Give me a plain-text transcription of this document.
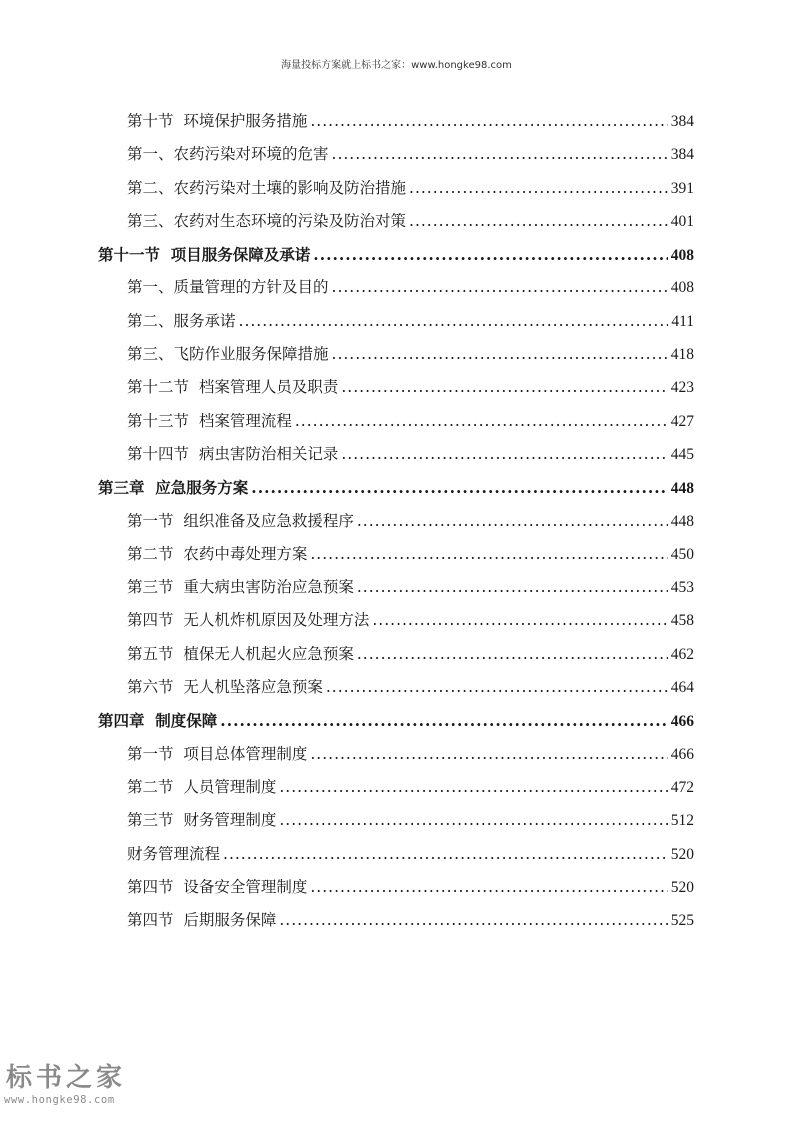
海量投标方案就上标书之家：www.hongke98.com
第十节  环境保护服务措施 .....	384
第一、农药污染对环境的危害 .....	384
第二、农药污染对土壤的影响及防治措施 .....	391
第三、农药对生态环境的污染及防治对策 .....	401
第十一节  项目服务保障及承诺 .....	408
第一、质量管理的方针及目的 .....	408
第二、服务承诺 .....	411
第三、飞防作业服务保障措施 .....	418
第十二节  档案管理人员及职责 .....	423
第十三节  档案管理流程 .....	427
第十四节  病虫害防治相关记录 .....	445
第三章  应急服务方案 .....	448
第一节  组织准备及应急救援程序 .....	448
第二节  农药中毒处理方案 .....	450
第三节  重大病虫害防治应急预案 .....	453
第四节  无人机炸机原因及处理方法 .....	458
第五节  植保无人机起火应急预案 .....	462
第六节  无人机坠落应急预案 .....	464
第四章  制度保障 .....	466
第一节  项目总体管理制度 .....	466
第二节  人员管理制度 .....	472
第三节  财务管理制度 .....	512
财务管理流程 .....	520
第四节  设备安全管理制度 .....	520
第四节  后期服务保障 .....	525
标书之家
www.hongke98.com
